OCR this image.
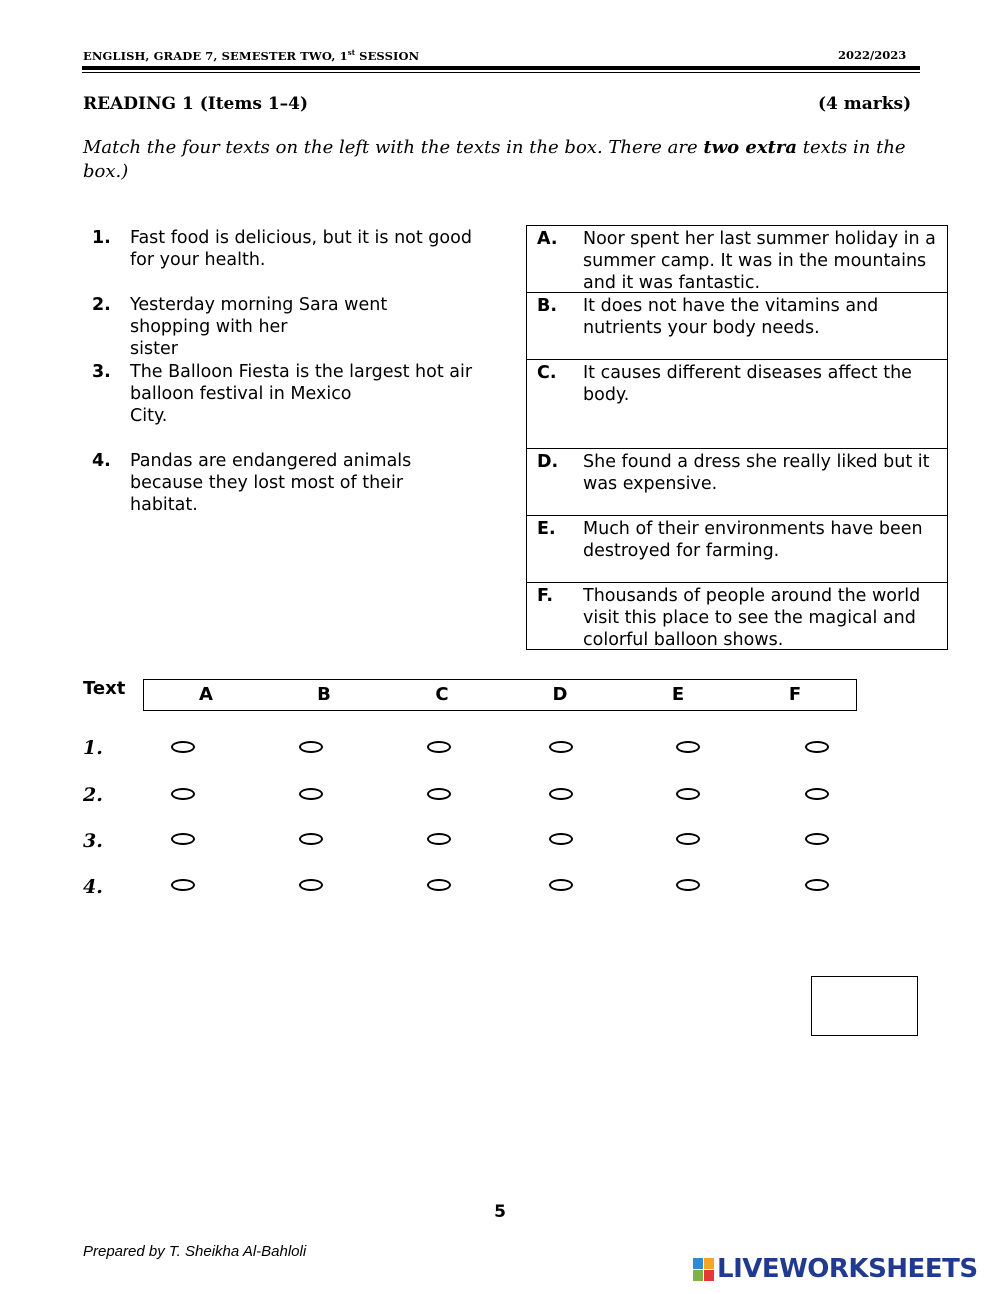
ENGLISH, GRADE 7, SEMESTER TWO, 1st SESSION	2022/2023
READING 1 (Items 1–4)	(4 marks)
Match the four texts on the left with the texts in the box. There are two extra texts in the box.)
1. Fast food is delicious, but it is not good for your health.
2. Yesterday morning Sara went
shopping with her
sister
3. The Balloon Fiesta is the largest hot air balloon festival in Mexico
City.
4. Pandas are endangered animals because they lost most of their habitat.
A. Noor spent her last summer holiday in a summer camp. It was in the mountains and it was fantastic.
B. It does not have the vitamins and nutrients your body needs.
C. It causes different diseases affect the body.
D. She found a dress she really liked but it was expensive.
E. Much of their environments have been destroyed for farming.
F. Thousands of people around the world visit this place to see the magical and colorful balloon shows.
Text	A	B	C	D	E	F
1.
2.
3.
4.
5
Prepared by T. Sheikha Al-Bahloli
LIVEWORKSHEETS
